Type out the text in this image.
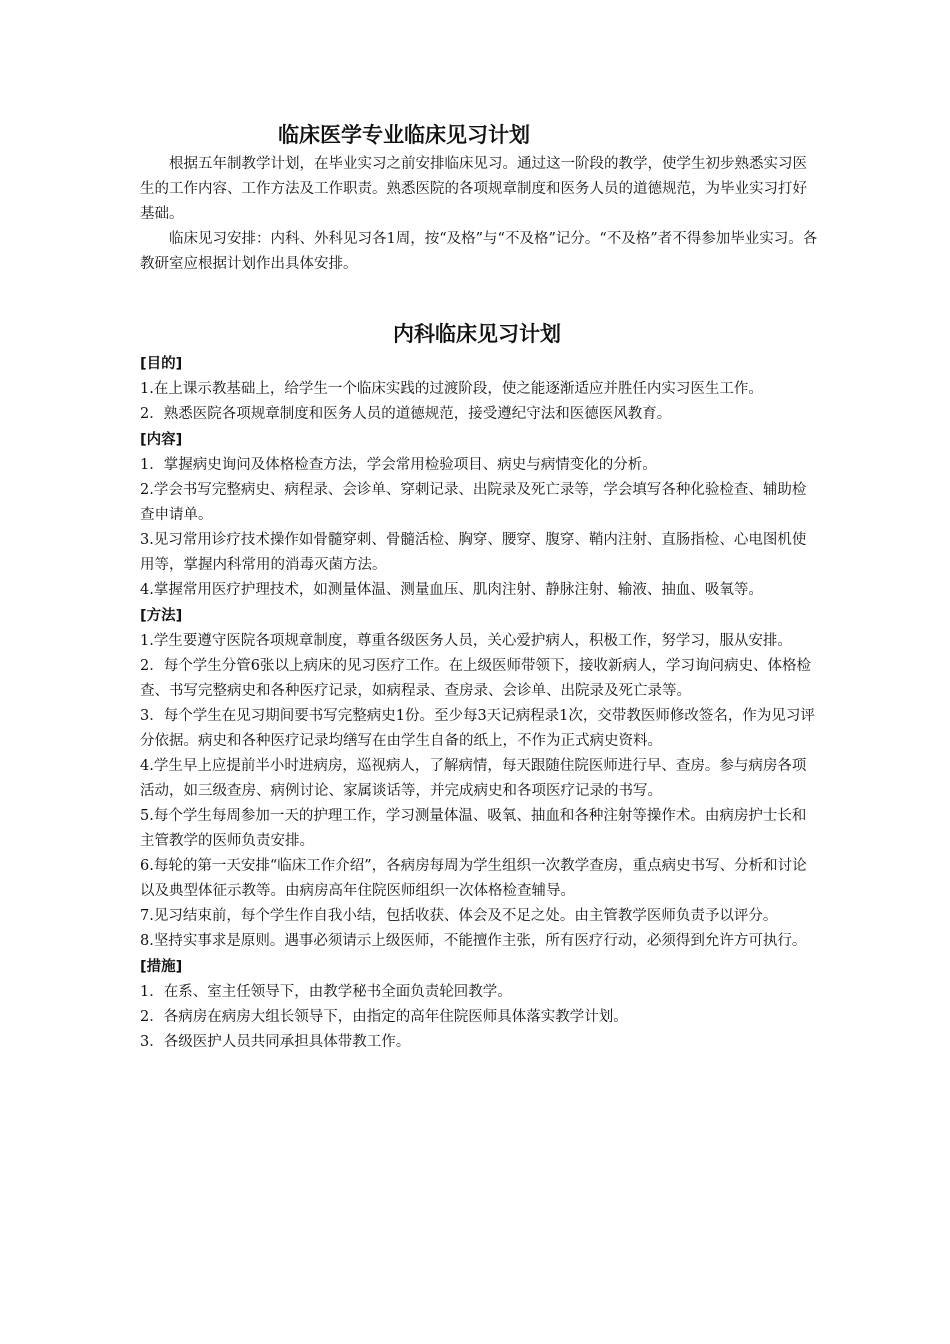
临床医学专业临床见习计划

根据五年制教学计划，在毕业实习之前安排临床见习。通过这一阶段的教学，使学生初步熟悉实习医生的工作内容、工作方法及工作职责。熟悉医院的各项规章制度和医务人员的道德规范，为毕业实习打好基础。

临床见习安排：内科、外科见习各1周，按“及格”与“不及格”记分。“不及格”者不得参加毕业实习。各教研室应根据计划作出具体安排。

内科临床见习计划

[目的]

1.在上课示教基础上，给学生一个临床实践的过渡阶段，使之能逐渐适应并胜任内实习医生工作。

2．熟悉医院各项规章制度和医务人员的道德规范，接受遵纪守法和医德医风教育。

[内容]

1．掌握病史询问及体格检查方法，学会常用检验项目、病史与病情变化的分析。

2.学会书写完整病史、病程录、会诊单、穿刺记录、出院录及死亡录等，学会填写各种化验检查、辅助检查申请单。

3.见习常用诊疗技术操作如骨髓穿刺、骨髓活检、胸穿、腰穿、腹穿、鞘内注射、直肠指检、心电图机使用等，掌握内科常用的消毒灭菌方法。

4.掌握常用医疗护理技术，如测量体温、测量血压、肌肉注射、静脉注射、输液、抽血、吸氧等。

[方法]

1.学生要遵守医院各项规章制度，尊重各级医务人员，关心爱护病人，积极工作，努学习，服从安排。

2．每个学生分管6张以上病床的见习医疗工作。在上级医师带领下，接收新病人，学习询问病史、体格检查、书写完整病史和各种医疗记录，如病程录、查房录、会诊单、出院录及死亡录等。

3．每个学生在见习期间要书写完整病史1份。至少每3天记病程录1次，交带教医师修改签名，作为见习评分依据。病史和各种医疗记录均缮写在由学生自备的纸上，不作为正式病史资料。

4.学生早上应提前半小时进病房，巡视病人，了解病情，每天跟随住院医师进行早、查房。参与病房各项活动，如三级查房、病例讨论、家属谈话等，并完成病史和各项医疗记录的书写。

5.每个学生每周参加一天的护理工作，学习测量体温、吸氧、抽血和各种注射等操作术。由病房护士长和主管教学的医师负责安排。

6.每轮的第一天安排“临床工作介绍”，各病房每周为学生组织一次教学查房，重点病史书写、分析和讨论以及典型体征示教等。由病房高年住院医师组织一次体格检查辅导。

7.见习结束前，每个学生作自我小结，包括收获、体会及不足之处。由主管教学医师负责予以评分。

8.坚持实事求是原则。遇事必须请示上级医师，不能擅作主张，所有医疗行动，必须得到允许方可执行。

[措施]

1．在系、室主任领导下，由教学秘书全面负责轮回教学。

2．各病房在病房大组长领导下，由指定的高年住院医师具体落实教学计划。

3．各级医护人员共同承担具体带教工作。
